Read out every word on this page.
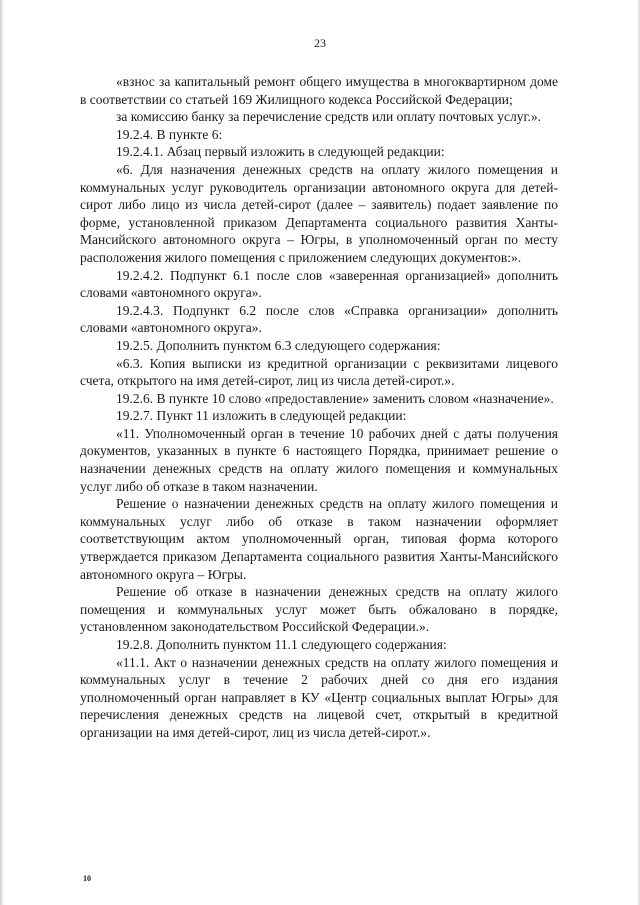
23

«взнос за капитальный ремонт общего имущества в многоквартирном доме в соответствии со статьей 169 Жилищного кодекса Российской Федерации;

за комиссию банку за перечисление средств или оплату почтовых услуг.».

19.2.4. В пункте 6:

19.2.4.1. Абзац первый изложить в следующей редакции:

«6. Для назначения денежных средств на оплату жилого помещения и коммунальных услуг руководитель организации автономного округа для детей-сирот либо лицо из числа детей-сирот (далее – заявитель) подает заявление по форме, установленной приказом Департамента социального развития Ханты-Мансийского автономного округа – Югры, в уполномоченный орган по месту расположения жилого помещения с приложением следующих документов:».

19.2.4.2. Подпункт 6.1 после слов «заверенная организацией» дополнить словами «автономного округа».

19.2.4.3. Подпункт 6.2 после слов «Справка организации» дополнить словами «автономного округа».

19.2.5. Дополнить пунктом 6.3 следующего содержания:

«6.3. Копия выписки из кредитной организации с реквизитами лицевого счета, открытого на имя детей-сирот, лиц из числа детей-сирот.».

19.2.6. В пункте 10 слово «предоставление» заменить словом «назначение».

19.2.7. Пункт 11 изложить в следующей редакции:

«11. Уполномоченный орган в течение 10 рабочих дней с даты получения документов, указанных в пункте 6 настоящего Порядка, принимает решение о назначении денежных средств на оплату жилого помещения и коммунальных услуг либо об отказе в таком назначении.

Решение о назначении денежных средств на оплату жилого помещения и коммунальных услуг либо об отказе в таком назначении оформляет соответствующим актом уполномоченный орган, типовая форма которого утверждается приказом Департамента социального развития Ханты-Мансийского автономного округа – Югры.

Решение об отказе в назначении денежных средств на оплату жилого помещения и коммунальных услуг может быть обжаловано в порядке, установленном законодательством Российской Федерации.».

19.2.8. Дополнить пунктом 11.1 следующего содержания:

«11.1. Акт о назначении денежных средств на оплату жилого помещения и коммунальных услуг в течение 2 рабочих дней со дня его издания уполномоченный орган направляет в КУ «Центр социальных выплат Югры» для перечисления денежных средств на лицевой счет, открытый в кредитной организации на имя детей-сирот, лиц из числа детей-сирот.».

10
